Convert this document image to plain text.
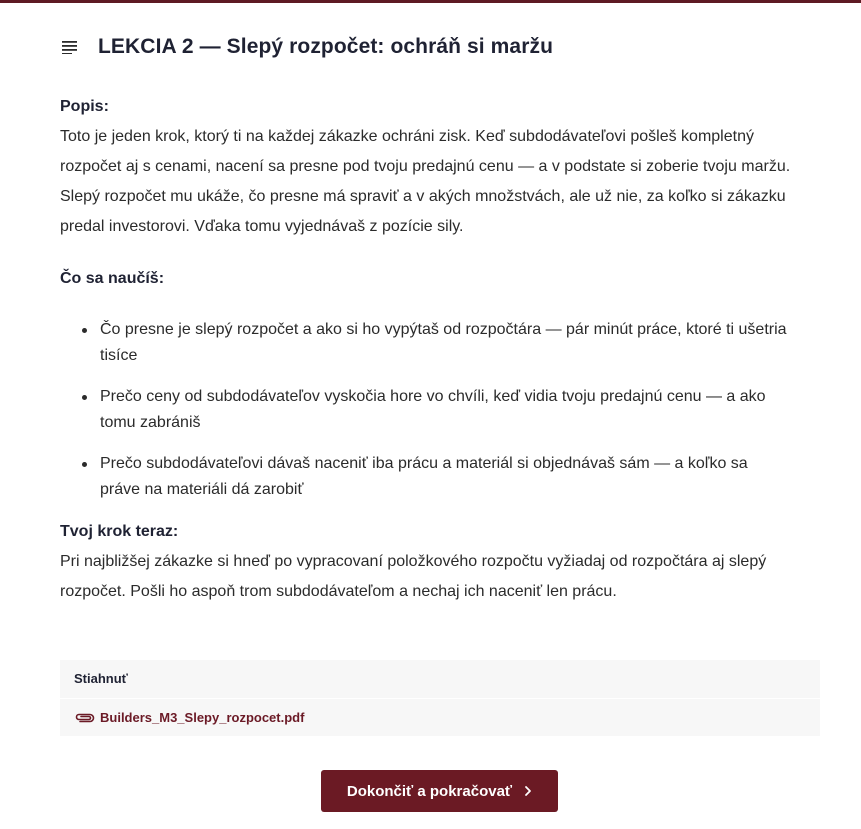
LEKCIA 2 — Slepý rozpočet: ochráň si maržu
Popis:

Toto je jeden krok, ktorý ti na každej zákazke ochráni zisk. Keď subdodávateľovi pošleš kompletný rozpočet aj s cenami, nacení sa presne pod tvoju predajnú cenu — a v podstate si zoberie tvoju maržu. Slepý rozpočet mu ukáže, čo presne má spraviť a v akých množstvách, ale už nie, za koľko si zákazku predal investorovi. Vďaka tomu vyjednávaš z pozície sily.

Čo sa naučíš:
Čo presne je slepý rozpočet a ako si ho vypýtaš od rozpočtára — pár minút práce, ktoré ti ušetria tisíce
Prečo ceny od subdodávateľov vyskočia hore vo chvíli, keď vidia tvoju predajnú cenu — a ako tomu zabrániš
Prečo subdodávateľovi dávaš naceniť iba prácu a materiál si objednávaš sám — a koľko sa práve na materiáli dá zarobiť
Tvoj krok teraz:

Pri najbližšej zákazke si hneď po vypracovaní položkového rozpočtu vyžiadaj od rozpočtára aj slepý rozpočet. Pošli ho aspoň trom subdodávateľom a nechaj ich naceniť len prácu.

Stiahnuť
Builders_M3_Slepy_rozpocet.pdf
Dokončiť a pokračovať
